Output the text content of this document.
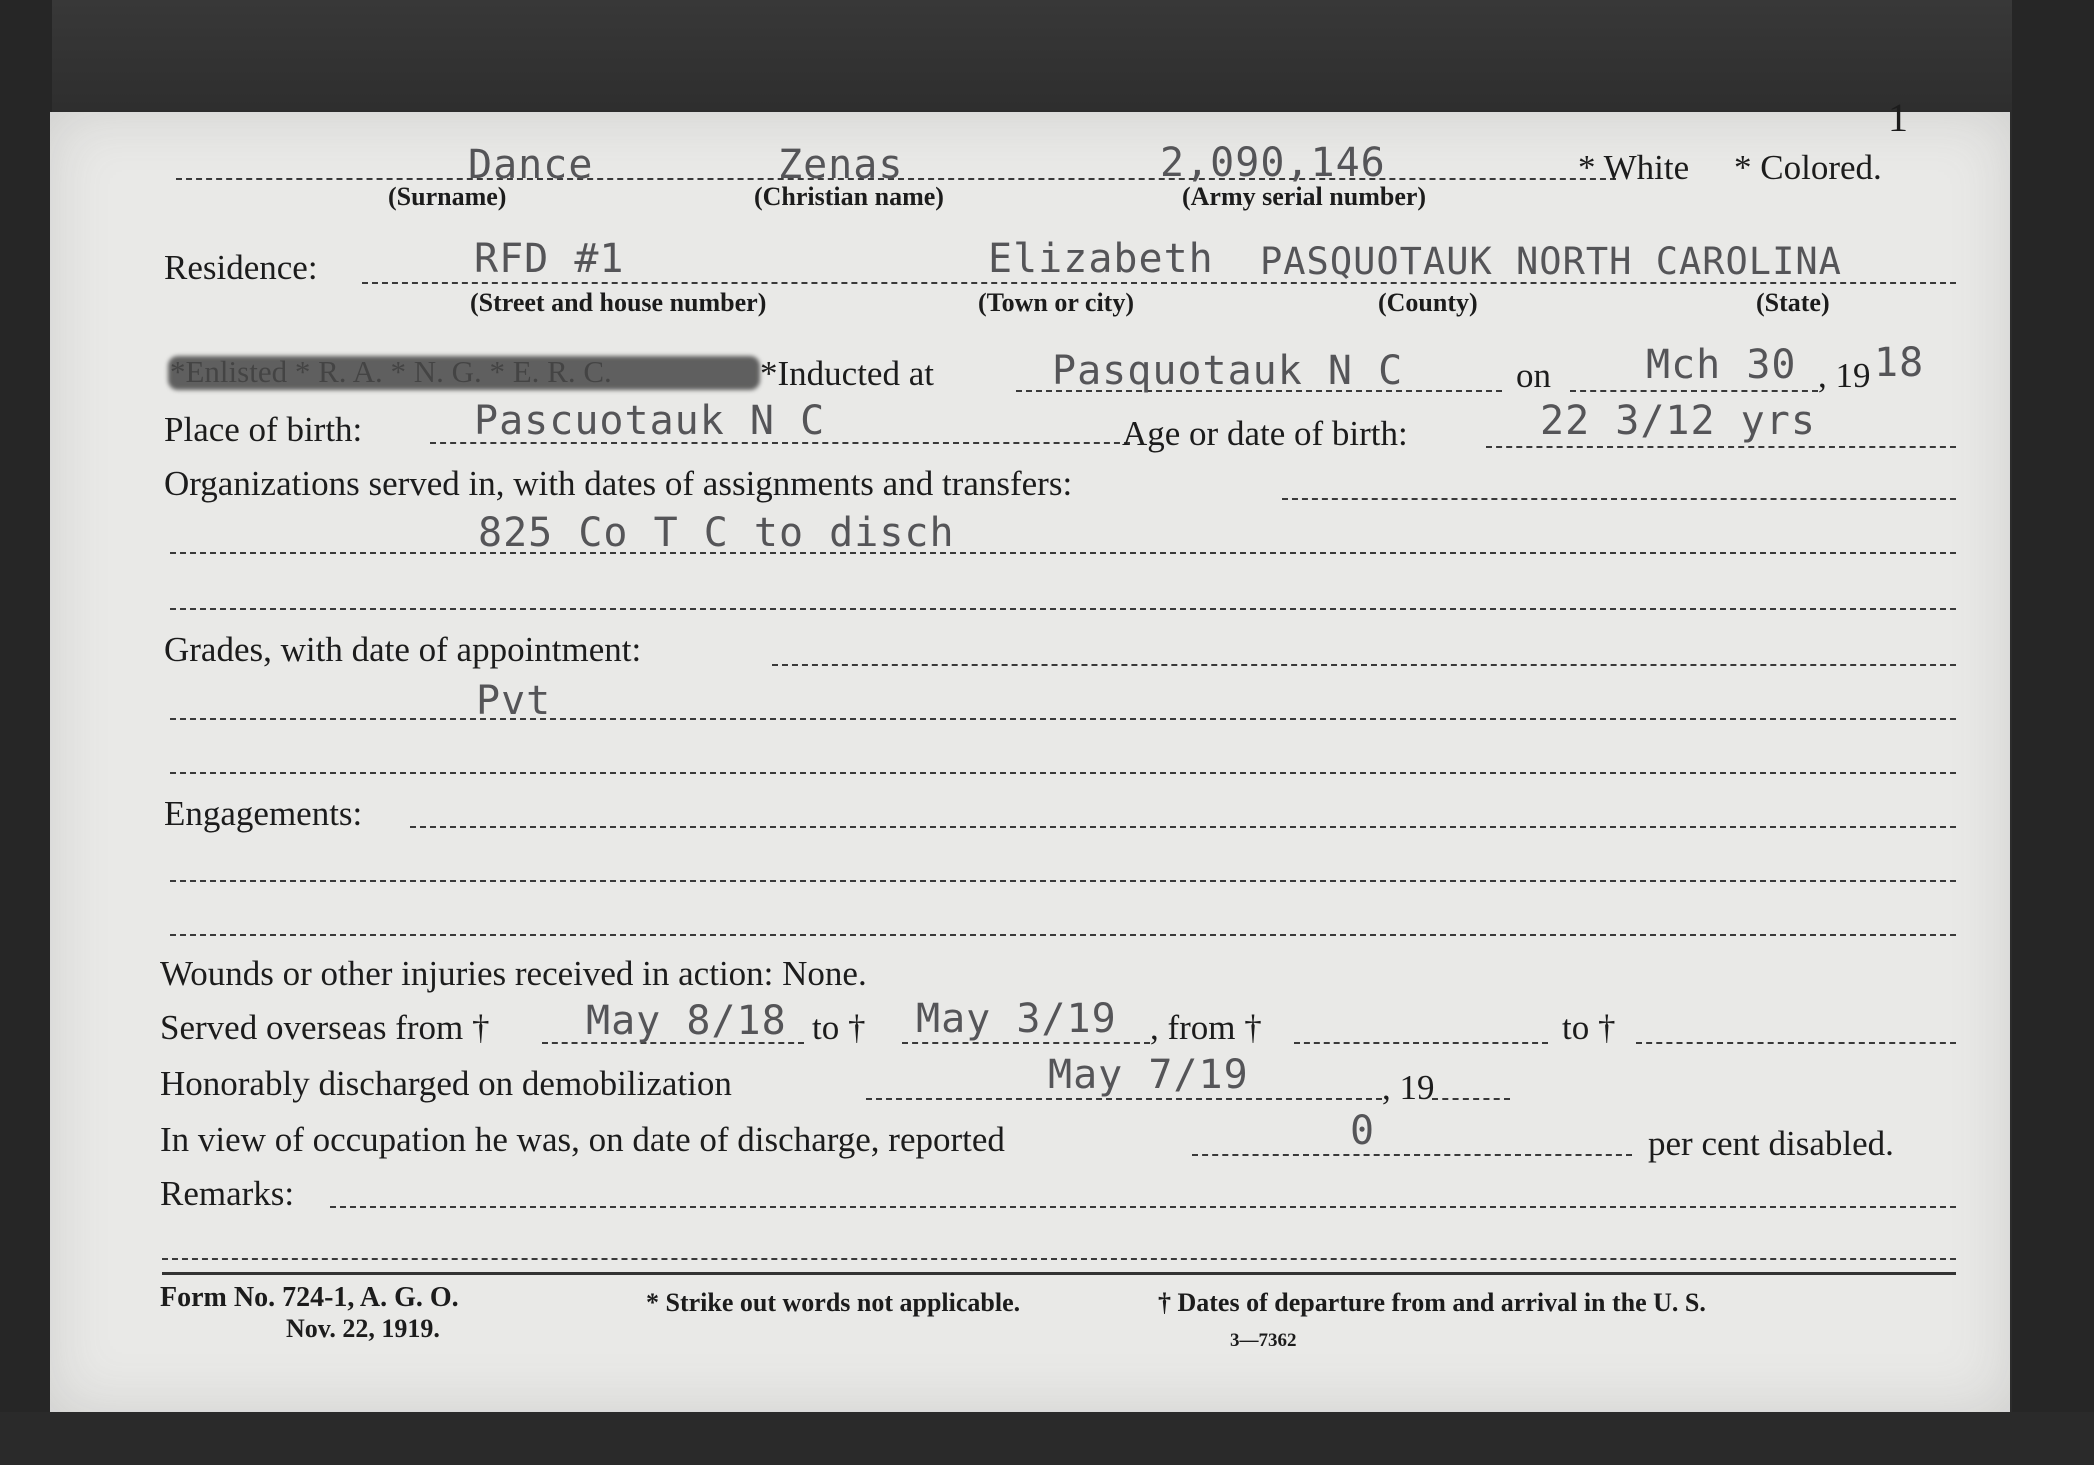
1
Dance	Zenas	2,090,146	* White * Colored.
(Surname)	(Christian name)	(Army serial number)
Residence:	RFD #1	Elizabeth PASQUOTAUK NORTH CAROLINA
(Street and house number)	(Town or city)	(County)	(State)
*Inducted at	Pasquotauk N C	on Mch 30 , 19 18
Place of birth:	Pascuotauk N C	Age or date of birth:	22 3/12 yrs
Organizations served in, with dates of assignments and transfers:
825 Co T C to disch
Grades, with date of appointment:
Pvt
Engagements:
Wounds or other injuries received in action: None.
Served overseas from † May 8/18 to † May 3/19 , from †	to †
Honorably discharged on demobilization	May 7/19	, 19
In view of occupation he was, on date of discharge, reported	0	per cent disabled.
Remarks:
Form No. 724-1, A. G. O.
Nov. 22, 1919.
* Strike out words not applicable.	† Dates of departure from and arrival in the U. S.
3—7362
